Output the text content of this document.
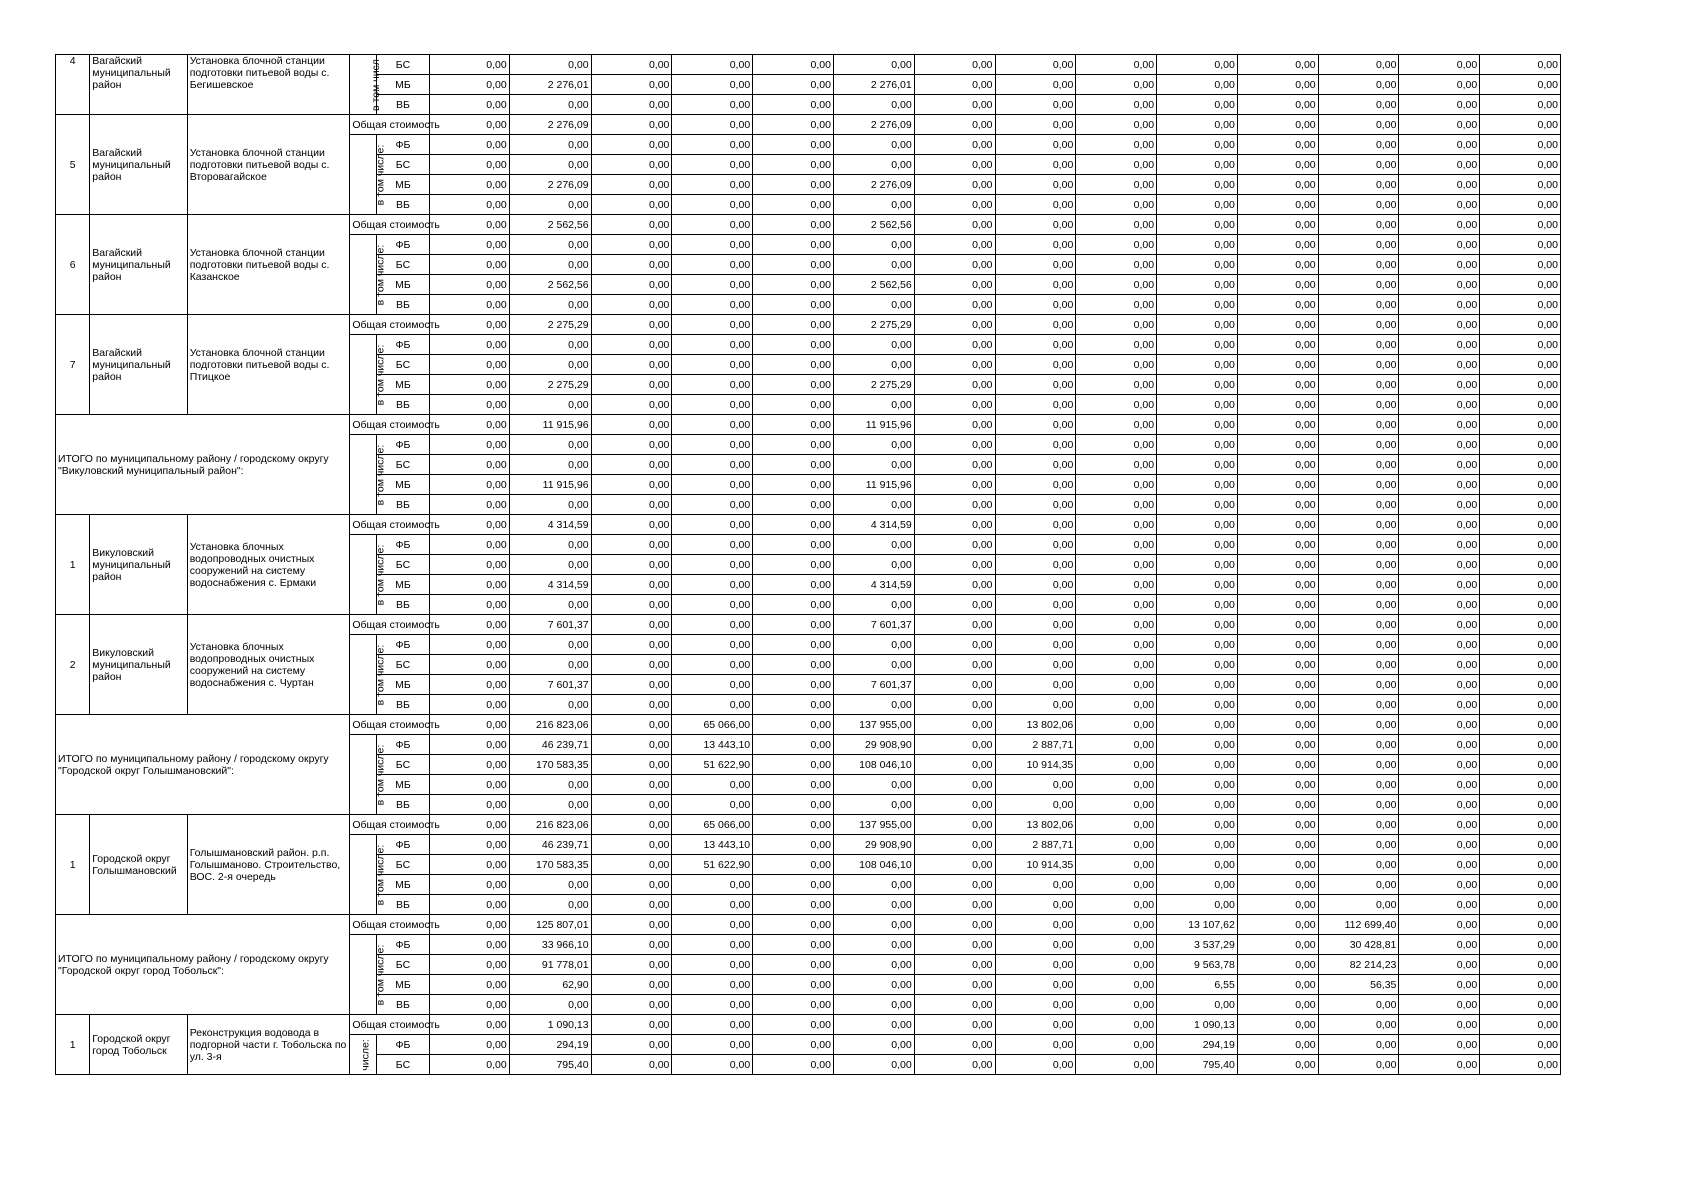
4	Вагайский муниципальный район	Установка блочной станции подготовки питьевой воды с. Бегишевское	в том числ	БС	0,00	0,00	0,00	0,00	0,00	0,00	0,00	0,00	0,00	0,00	0,00	0,00	0,00	0,00
				МБ	0,00	2 276,01	0,00	0,00	0,00	2 276,01	0,00	0,00	0,00	0,00	0,00	0,00	0,00	0,00
				ВБ	0,00	0,00	0,00	0,00	0,00	0,00	0,00	0,00	0,00	0,00	0,00	0,00	0,00	0,00
5	Вагайский муниципальный район	Установка блочной станции подготовки питьевой воды с. Второвагайское	Общая стоимость		0,00	2 276,09	0,00	0,00	0,00	2 276,09	0,00	0,00	0,00	0,00	0,00	0,00	0,00	0,00
			в том числе:	ФБ	0,00	0,00	0,00	0,00	0,00	0,00	0,00	0,00	0,00	0,00	0,00	0,00	0,00	0,00
				БС	0,00	0,00	0,00	0,00	0,00	0,00	0,00	0,00	0,00	0,00	0,00	0,00	0,00	0,00
				МБ	0,00	2 276,09	0,00	0,00	0,00	2 276,09	0,00	0,00	0,00	0,00	0,00	0,00	0,00	0,00
				ВБ	0,00	0,00	0,00	0,00	0,00	0,00	0,00	0,00	0,00	0,00	0,00	0,00	0,00	0,00
6	Вагайский муниципальный район	Установка блочной станции подготовки питьевой воды с. Казанское	Общая стоимость		0,00	2 562,56	0,00	0,00	0,00	2 562,56	0,00	0,00	0,00	0,00	0,00	0,00	0,00	0,00
			в том числе:	ФБ	0,00	0,00	0,00	0,00	0,00	0,00	0,00	0,00	0,00	0,00	0,00	0,00	0,00	0,00
				БС	0,00	0,00	0,00	0,00	0,00	0,00	0,00	0,00	0,00	0,00	0,00	0,00	0,00	0,00
				МБ	0,00	2 562,56	0,00	0,00	0,00	2 562,56	0,00	0,00	0,00	0,00	0,00	0,00	0,00	0,00
				ВБ	0,00	0,00	0,00	0,00	0,00	0,00	0,00	0,00	0,00	0,00	0,00	0,00	0,00	0,00
7	Вагайский муниципальный район	Установка блочной станции подготовки питьевой воды с. Птицкое	Общая стоимость		0,00	2 275,29	0,00	0,00	0,00	2 275,29	0,00	0,00	0,00	0,00	0,00	0,00	0,00	0,00
			в том числе:	ФБ	0,00	0,00	0,00	0,00	0,00	0,00	0,00	0,00	0,00	0,00	0,00	0,00	0,00	0,00
				БС	0,00	0,00	0,00	0,00	0,00	0,00	0,00	0,00	0,00	0,00	0,00	0,00	0,00	0,00
				МБ	0,00	2 275,29	0,00	0,00	0,00	2 275,29	0,00	0,00	0,00	0,00	0,00	0,00	0,00	0,00
				ВБ	0,00	0,00	0,00	0,00	0,00	0,00	0,00	0,00	0,00	0,00	0,00	0,00	0,00	0,00
ИТОГО по муниципальному району / городскому округу "Викуловский муниципальный район":			Общая стоимость		0,00	11 915,96	0,00	0,00	0,00	11 915,96	0,00	0,00	0,00	0,00	0,00	0,00	0,00	0,00
			в том числе:	ФБ	0,00	0,00	0,00	0,00	0,00	0,00	0,00	0,00	0,00	0,00	0,00	0,00	0,00	0,00
				БС	0,00	0,00	0,00	0,00	0,00	0,00	0,00	0,00	0,00	0,00	0,00	0,00	0,00	0,00
				МБ	0,00	11 915,96	0,00	0,00	0,00	11 915,96	0,00	0,00	0,00	0,00	0,00	0,00	0,00	0,00
				ВБ	0,00	0,00	0,00	0,00	0,00	0,00	0,00	0,00	0,00	0,00	0,00	0,00	0,00	0,00
1	Викуловский муниципальный район	Установка блочных водопроводных очистных сооружений на систему водоснабжения с. Ермаки	Общая стоимость		0,00	4 314,59	0,00	0,00	0,00	4 314,59	0,00	0,00	0,00	0,00	0,00	0,00	0,00	0,00
			в том числе:	ФБ	0,00	0,00	0,00	0,00	0,00	0,00	0,00	0,00	0,00	0,00	0,00	0,00	0,00	0,00
				БС	0,00	0,00	0,00	0,00	0,00	0,00	0,00	0,00	0,00	0,00	0,00	0,00	0,00	0,00
				МБ	0,00	4 314,59	0,00	0,00	0,00	4 314,59	0,00	0,00	0,00	0,00	0,00	0,00	0,00	0,00
				ВБ	0,00	0,00	0,00	0,00	0,00	0,00	0,00	0,00	0,00	0,00	0,00	0,00	0,00	0,00
2	Викуловский муниципальный район	Установка блочных водопроводных очистных сооружений на систему водоснабжения с. Чуртан	Общая стоимость		0,00	7 601,37	0,00	0,00	0,00	7 601,37	0,00	0,00	0,00	0,00	0,00	0,00	0,00	0,00
			в том числе:	ФБ	0,00	0,00	0,00	0,00	0,00	0,00	0,00	0,00	0,00	0,00	0,00	0,00	0,00	0,00
				БС	0,00	0,00	0,00	0,00	0,00	0,00	0,00	0,00	0,00	0,00	0,00	0,00	0,00	0,00
				МБ	0,00	7 601,37	0,00	0,00	0,00	7 601,37	0,00	0,00	0,00	0,00	0,00	0,00	0,00	0,00
				ВБ	0,00	0,00	0,00	0,00	0,00	0,00	0,00	0,00	0,00	0,00	0,00	0,00	0,00	0,00
ИТОГО по муниципальному району / городскому округу "Городской округ Голышмановский":			Общая стоимость		0,00	216 823,06	0,00	65 066,00	0,00	137 955,00	0,00	13 802,06	0,00	0,00	0,00	0,00	0,00	0,00
			в том числе:	ФБ	0,00	46 239,71	0,00	13 443,10	0,00	29 908,90	0,00	2 887,71	0,00	0,00	0,00	0,00	0,00	0,00
				БС	0,00	170 583,35	0,00	51 622,90	0,00	108 046,10	0,00	10 914,35	0,00	0,00	0,00	0,00	0,00	0,00
				МБ	0,00	0,00	0,00	0,00	0,00	0,00	0,00	0,00	0,00	0,00	0,00	0,00	0,00	0,00
				ВБ	0,00	0,00	0,00	0,00	0,00	0,00	0,00	0,00	0,00	0,00	0,00	0,00	0,00	0,00
1	Городской округ Голышмановский	Голышмановский район. р.п. Голышманово. Строительство, ВОС. 2-я очередь	Общая стоимость		0,00	216 823,06	0,00	65 066,00	0,00	137 955,00	0,00	13 802,06	0,00	0,00	0,00	0,00	0,00	0,00
			в том числе:	ФБ	0,00	46 239,71	0,00	13 443,10	0,00	29 908,90	0,00	2 887,71	0,00	0,00	0,00	0,00	0,00	0,00
				БС	0,00	170 583,35	0,00	51 622,90	0,00	108 046,10	0,00	10 914,35	0,00	0,00	0,00	0,00	0,00	0,00
				МБ	0,00	0,00	0,00	0,00	0,00	0,00	0,00	0,00	0,00	0,00	0,00	0,00	0,00	0,00
				ВБ	0,00	0,00	0,00	0,00	0,00	0,00	0,00	0,00	0,00	0,00	0,00	0,00	0,00	0,00
ИТОГО по муниципальному району / городскому округу "Городской округ город Тобольск":			Общая стоимость		0,00	125 807,01	0,00	0,00	0,00	0,00	0,00	0,00	0,00	13 107,62	0,00	112 699,40	0,00	0,00
			в том числе:	ФБ	0,00	33 966,10	0,00	0,00	0,00	0,00	0,00	0,00	0,00	3 537,29	0,00	30 428,81	0,00	0,00
				БС	0,00	91 778,01	0,00	0,00	0,00	0,00	0,00	0,00	0,00	9 563,78	0,00	82 214,23	0,00	0,00
				МБ	0,00	62,90	0,00	0,00	0,00	0,00	0,00	0,00	0,00	6,55	0,00	56,35	0,00	0,00
				ВБ	0,00	0,00	0,00	0,00	0,00	0,00	0,00	0,00	0,00	0,00	0,00	0,00	0,00	0,00
1	Городской округ город Тобольск	Реконструкция водовода в подгорной части г. Тобольска по ул. 3-я	Общая стоимость		0,00	1 090,13	0,00	0,00	0,00	0,00	0,00	0,00	0,00	1 090,13	0,00	0,00	0,00	0,00
			числе:	ФБ	0,00	294,19	0,00	0,00	0,00	0,00	0,00	0,00	0,00	294,19	0,00	0,00	0,00	0,00
				БС	0,00	795,40	0,00	0,00	0,00	0,00	0,00	0,00	0,00	795,40	0,00	0,00	0,00	0,00
